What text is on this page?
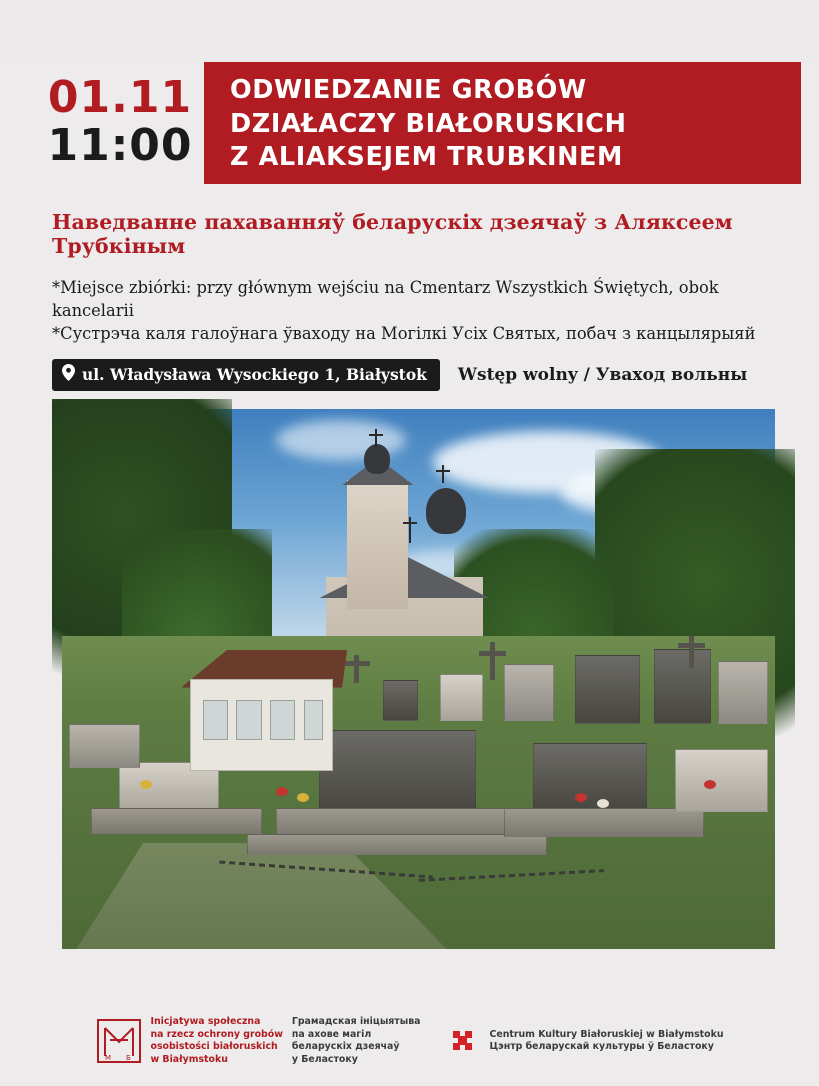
01.11
11:00
ODWIEDZANIE GROBÓW
DZIAŁACZY BIAŁORUSKICH
Z ALIAKSEJEM TRUBKINEM
Наведванне пахаванняў беларускіх дзеячаў з Аляксеем Трубкіным
*Miejsce zbiórki: przy głównym wejściu na Cmentarz Wszystkich Świętych, obok kancelarii
*Сустрэча каля галоўнага ўваходу на Могілкі Усіх Святых, побач з канцылярыяй
ul. Władysława Wysockiego 1, Białystok Wstęp wolny / Уваход вольны
М Б
Inicjatywa społeczna
na rzecz ochrony grobów
osobistości białoruskich
w Białymstoku
Грамадская ініцыятыва
па ахове магіл
беларускіх дзеячаў
у Беластоку
Centrum Kultury Białoruskiej w Białymstoku
Цэнтр беларускай культуры ў Беластоку
